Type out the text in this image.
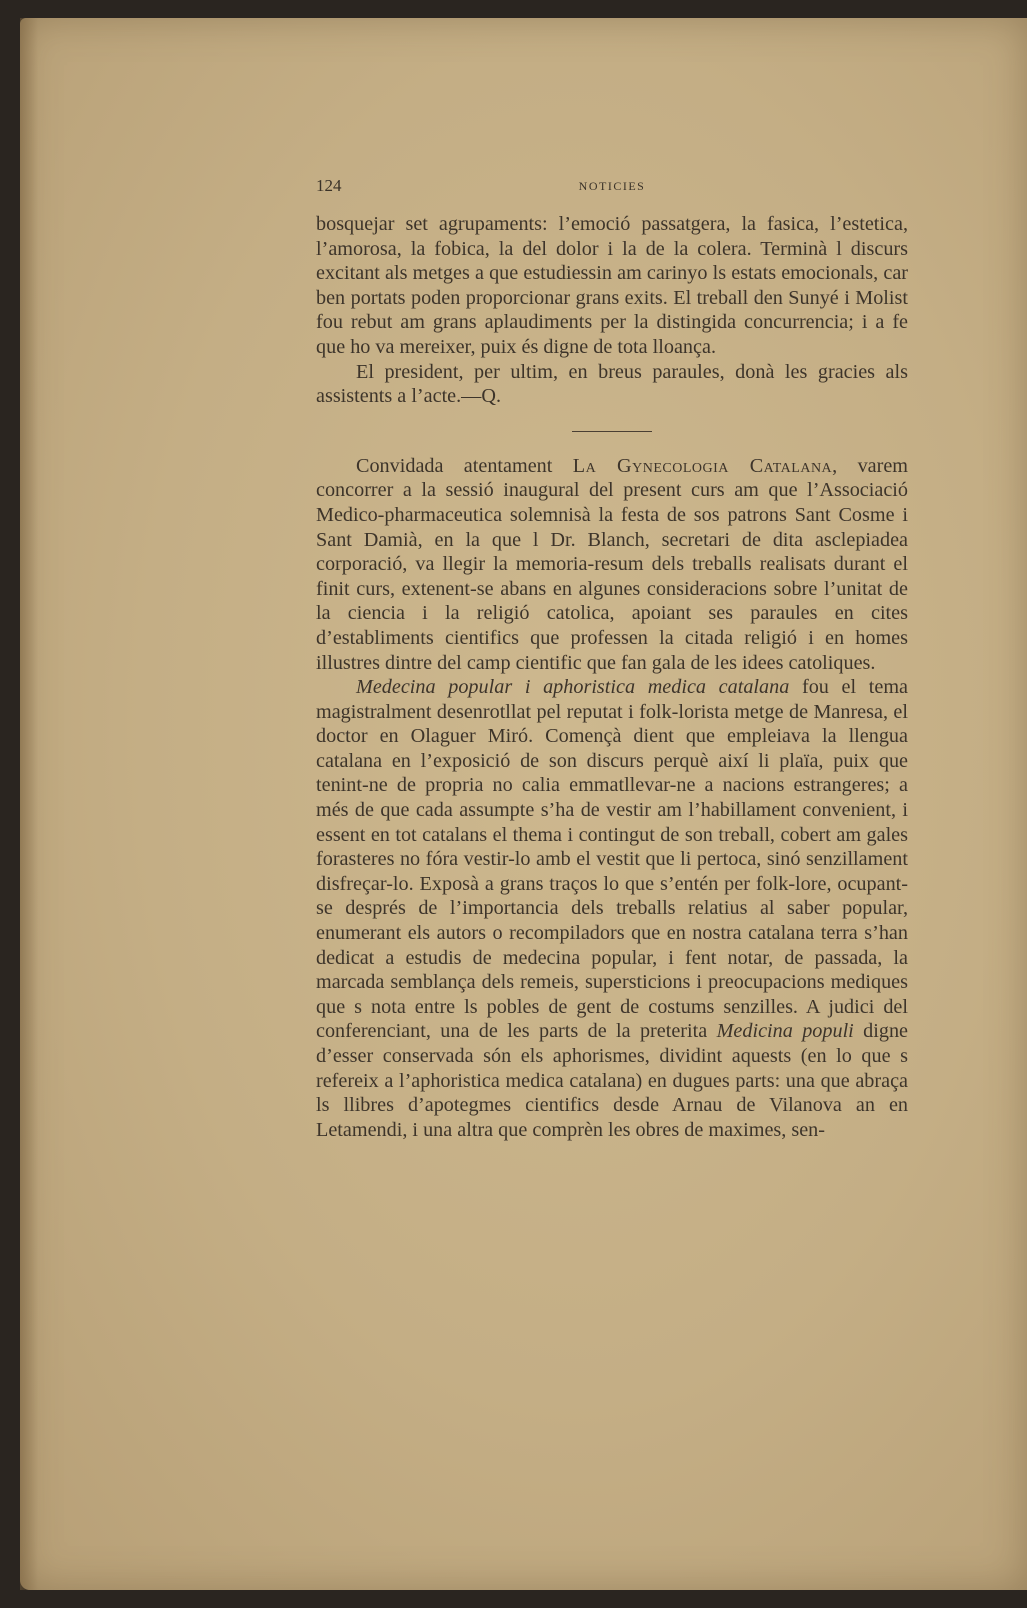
124	NOTICIES

bosquejar set agrupaments: l’emoció passatgera, la fasica, l’estetica, l’amorosa, la fobica, la del dolor i la de la colera. Terminà l discurs excitant als metges a que estudiessin am carinyo ls estats emocionals, car ben portats poden proporcionar grans exits. El treball den Sunyé i Molist fou rebut am grans aplaudiments per la distingida concurrencia; i a fe que ho va mereixer, puix és digne de tota lloança.

El president, per ultim, en breus paraules, donà les gracies als assistents a l’acte.—Q.

Convidada atentament La Gynecologia Catalana, varem concorrer a la sessió inaugural del present curs am que l’Associació Medico-pharmaceutica solemnisà la festa de sos patrons Sant Cosme i Sant Damià, en la que l Dr. Blanch, secretari de dita asclepiadea corporació, va llegir la memoria-resum dels treballs realisats durant el finit curs, extenent-se abans en algunes consideracions sobre l’unitat de la ciencia i la religió catolica, apoiant ses paraules en cites d’establiments cientifics que professen la citada religió i en homes illustres dintre del camp cientific que fan gala de les idees catoliques.

Medecina popular i aphoristica medica catalana fou el tema magistralment desenrotllat pel reputat i folk-lorista metge de Manresa, el doctor en Olaguer Miró. Començà dient que empleiava la llengua catalana en l’exposició de son discurs perquè així li plaïa, puix que tenint-ne de propria no calia emmatllevar-ne a nacions estrangeres; a més de que cada assumpte s’ha de vestir am l’habillament convenient, i essent en tot catalans el thema i contingut de son treball, cobert am gales forasteres no fóra vestir-lo amb el vestit que li pertoca, sinó senzillament disfreçar-lo. Exposà a grans traços lo que s’entén per folk-lore, ocupant-se després de l’importancia dels treballs relatius al saber popular, enumerant els autors o recompiladors que en nostra catalana terra s’han dedicat a estudis de medecina popular, i fent notar, de passada, la marcada semblança dels remeis, supersticions i preocupacions mediques que s nota entre ls pobles de gent de costums senzilles. A judici del conferenciant, una de les parts de la preterita Medicina populi digne d’esser conservada són els aphorismes, dividint aquests (en lo que s refereix a l’aphoristica medica catalana) en dugues parts: una que abraça ls llibres d’apotegmes cientifics desde Arnau de Vilanova an en Letamendi, i una altra que comprèn les obres de maximes, sen-
